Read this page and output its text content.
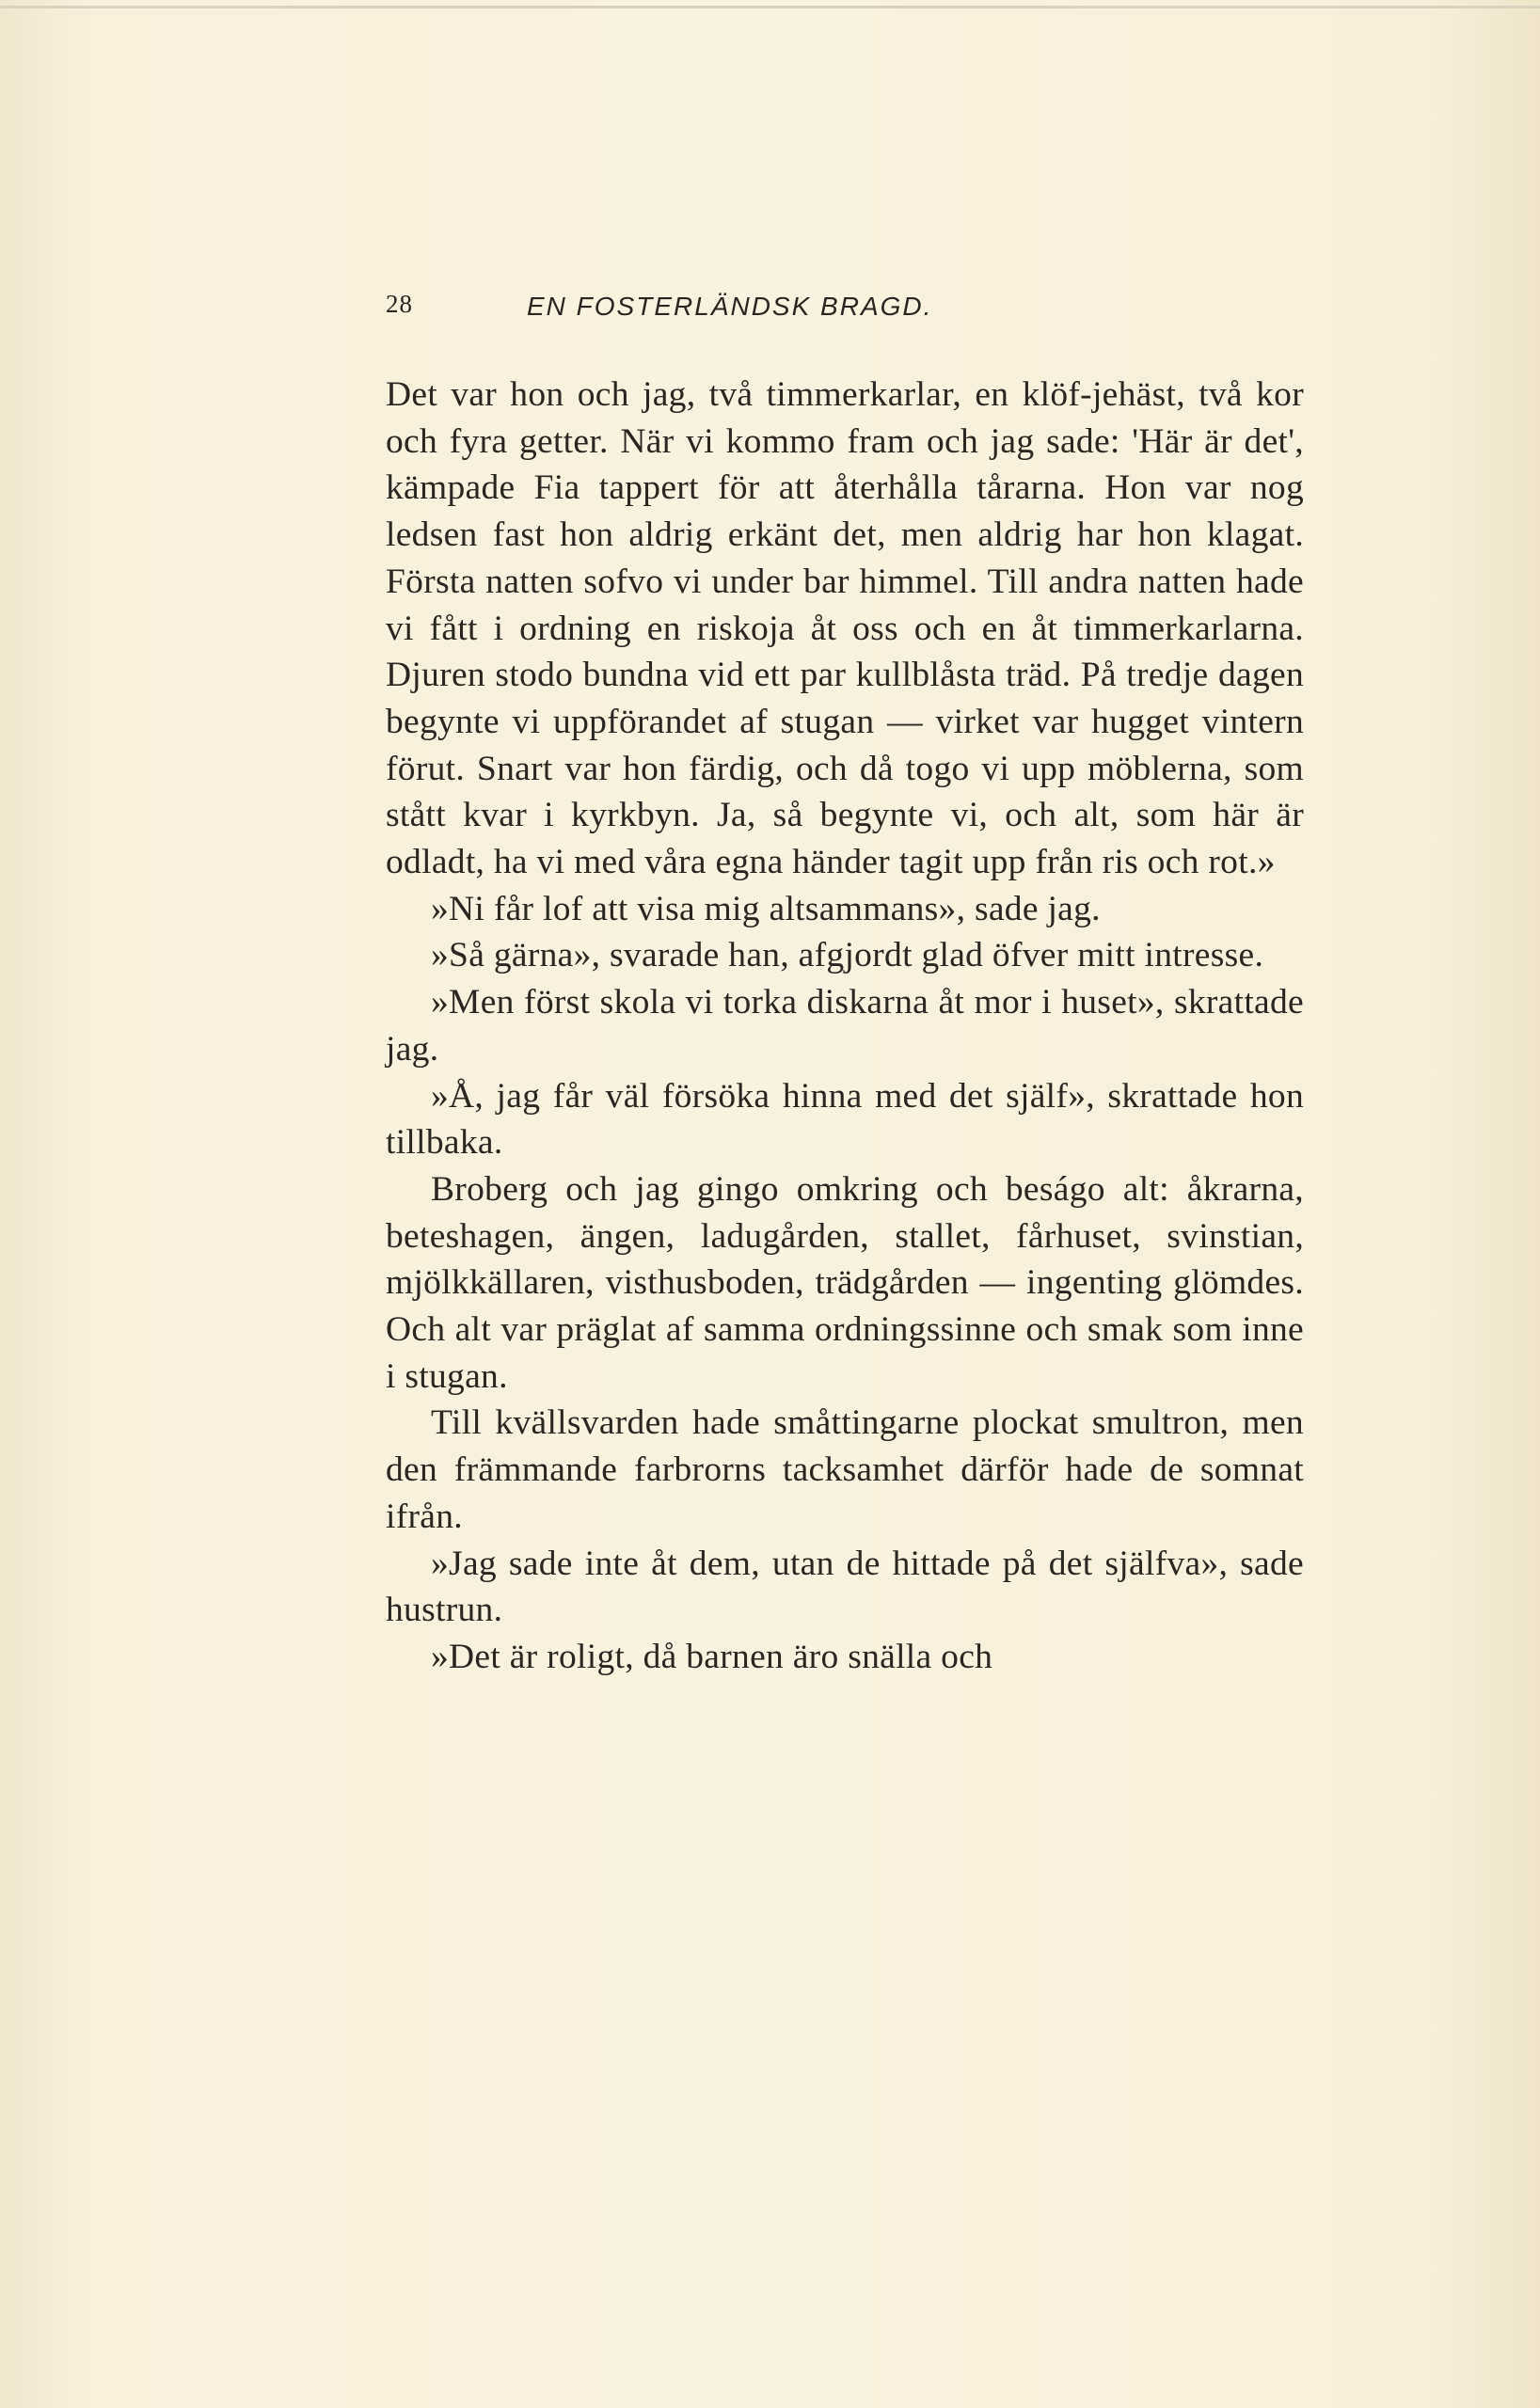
28	EN FOSTERLÄNDSK BRAGD.

Det var hon och jag, två timmerkarlar, en klöf-jehäst, två kor och fyra getter. När vi kommo fram och jag sade: 'Här är det', kämpade Fia tappert för att återhålla tårarna. Hon var nog ledsen fast hon aldrig erkänt det, men aldrig har hon klagat. Första natten sofvo vi under bar himmel. Till andra natten hade vi fått i ordning en riskoja åt oss och en åt timmerkarlarna. Djuren stodo bundna vid ett par kullblåsta träd. På tredje dagen begynte vi uppförandet af stugan — virket var hugget vintern förut. Snart var hon färdig, och då togo vi upp möblerna, som stått kvar i kyrkbyn. Ja, så begynte vi, och alt, som här är odladt, ha vi med våra egna händer tagit upp från ris och rot.»

»Ni får lof att visa mig altsammans», sade jag.

»Så gärna», svarade han, afgjordt glad öfver mitt intresse.

»Men först skola vi torka diskarna åt mor i huset», skrattade jag.

»Å, jag får väl försöka hinna med det själf», skrattade hon tillbaka.

Broberg och jag gingo omkring och beságo alt: åkrarna, beteshagen, ängen, ladugården, stallet, fårhuset, svinstian, mjölkkällaren, visthusboden, trädgården — ingenting glömdes. Och alt var präglat af samma ordningssinne och smak som inne i stugan.

Till kvällsvarden hade småttingarne plockat smultron, men den främmande farbrorns tacksamhet därför hade de somnat ifrån.

»Jag sade inte åt dem, utan de hittade på det själfva», sade hustrun.

»Det är roligt, då barnen äro snälla och
